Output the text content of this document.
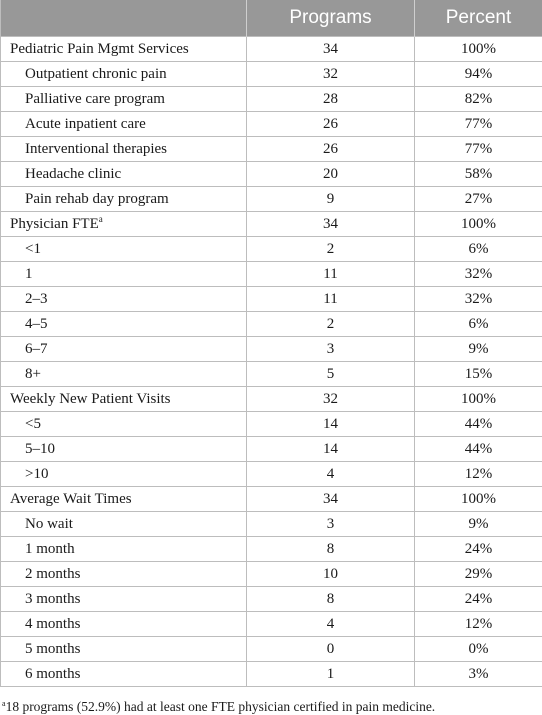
	Programs	Percent
Pediatric Pain Mgmt Services	34	100%
Outpatient chronic pain	32	94%
Palliative care program	28	82%
Acute inpatient care	26	77%
Interventional therapies	26	77%
Headache clinic	20	58%
Pain rehab day program	9	27%
Physician FTE$^a$	34	100%
<1	2	6%
1	11	32%
2–3	11	32%
4–5	2	6%
6–7	3	9%
8+	5	15%
Weekly New Patient Visits	32	100%
<5	14	44%
5–10	14	44%
>10	4	12%
Average Wait Times	34	100%
No wait	3	9%
1 month	8	24%
2 months	10	29%
3 months	8	24%
4 months	4	12%
5 months	0	0%
6 months	1	3%
$^a$18 programs (52.9%) had at least one FTE physician certified in pain medicine.
